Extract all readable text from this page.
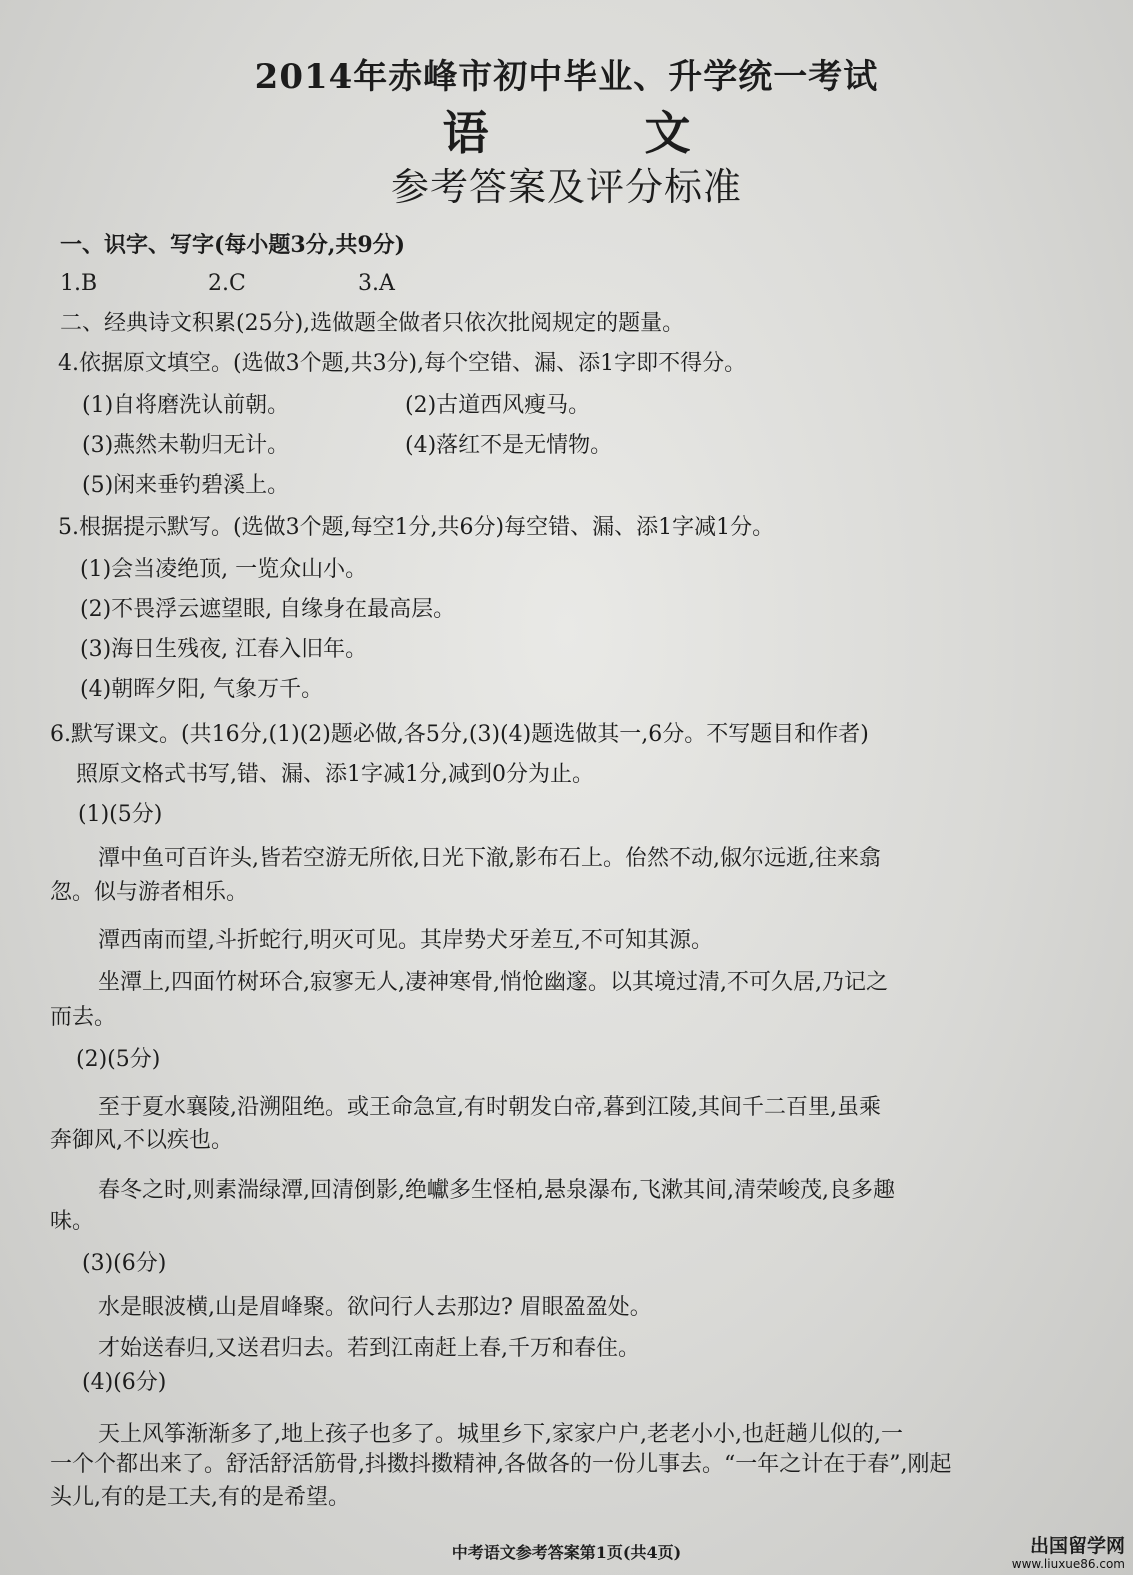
2014年赤峰市初中毕业、升学统一考试
语 文
参考答案及评分标准
一、识字、写字(每小题3分,共9分)
1.B	2.C	3.A
二、经典诗文积累(25分),选做题全做者只依次批阅规定的题量。
4.依据原文填空。(选做3个题,共3分),每个空错、漏、添1字即不得分。
(1)自将磨洗认前朝。	(2)古道西风瘦马。
(3)燕然未勒归无计。	(4)落红不是无情物。
(5)闲来垂钓碧溪上。
5.根据提示默写。(选做3个题,每空1分,共6分)每空错、漏、添1字减1分。
(1)会当凌绝顶, 一览众山小。
(2)不畏浮云遮望眼, 自缘身在最高层。
(3)海日生残夜, 江春入旧年。
(4)朝晖夕阳, 气象万千。
6.默写课文。(共16分,(1)(2)题必做,各5分,(3)(4)题选做其一,6分。不写题目和作者)
照原文格式书写,错、漏、添1字减1分,减到0分为止。
(1)(5分)
潭中鱼可百许头,皆若空游无所依,日光下澈,影布石上。佁然不动,俶尔远逝,往来翕
忽。似与游者相乐。
潭西南而望,斗折蛇行,明灭可见。其岸势犬牙差互,不可知其源。
坐潭上,四面竹树环合,寂寥无人,凄神寒骨,悄怆幽邃。以其境过清,不可久居,乃记之
而去。
(2)(5分)
至于夏水襄陵,沿溯阻绝。或王命急宣,有时朝发白帝,暮到江陵,其间千二百里,虽乘
奔御风,不以疾也。
春冬之时,则素湍绿潭,回清倒影,绝巘多生怪柏,悬泉瀑布,飞漱其间,清荣峻茂,良多趣
味。
(3)(6分)
水是眼波横,山是眉峰聚。欲问行人去那边? 眉眼盈盈处。
才始送春归,又送君归去。若到江南赶上春,千万和春住。
(4)(6分)
天上风筝渐渐多了,地上孩子也多了。城里乡下,家家户户,老老小小,也赶趟儿似的,一
一个个都出来了。舒活舒活筋骨,抖擞抖擞精神,各做各的一份儿事去。“一年之计在于春”,刚起
头儿,有的是工夫,有的是希望。
中考语文参考答案第1页(共4页)	出国留学网
www.liuxue86.com
